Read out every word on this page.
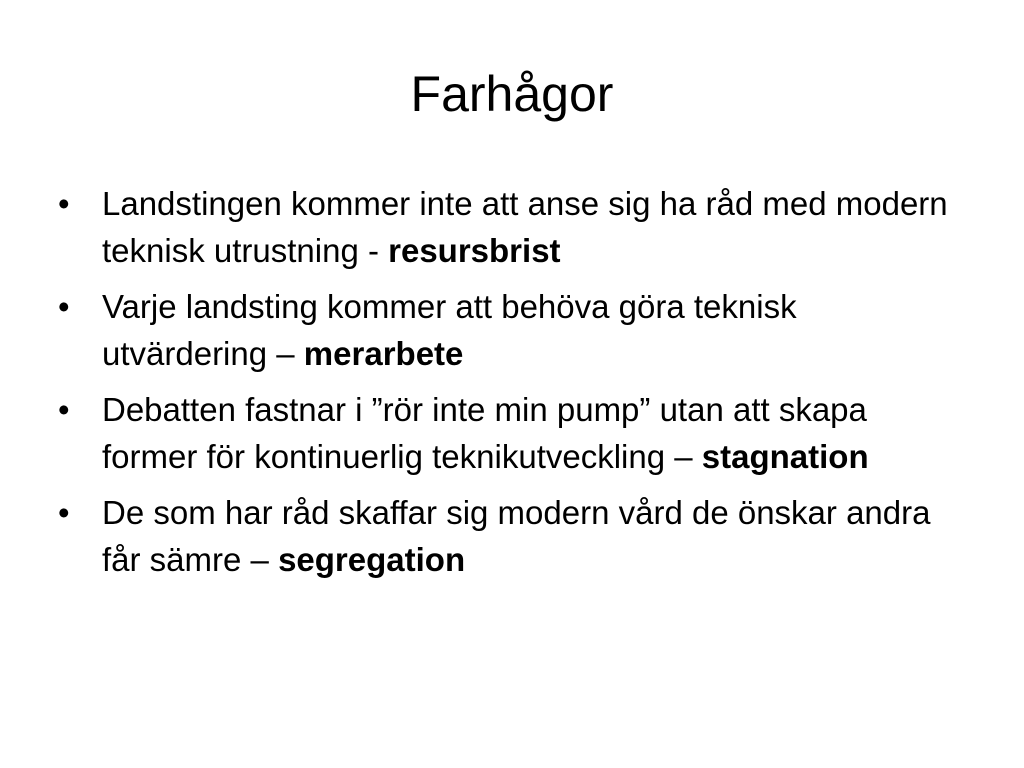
Farhågor
• Landstingen kommer inte att anse sig ha råd med modern teknisk utrustning - resursbrist
• Varje landsting kommer att behöva göra teknisk utvärdering – merarbete
• Debatten fastnar i ”rör inte min pump” utan att skapa former för kontinuerlig teknikutveckling – stagnation
• De som har råd skaffar sig modern vård de önskar andra får sämre – segregation
